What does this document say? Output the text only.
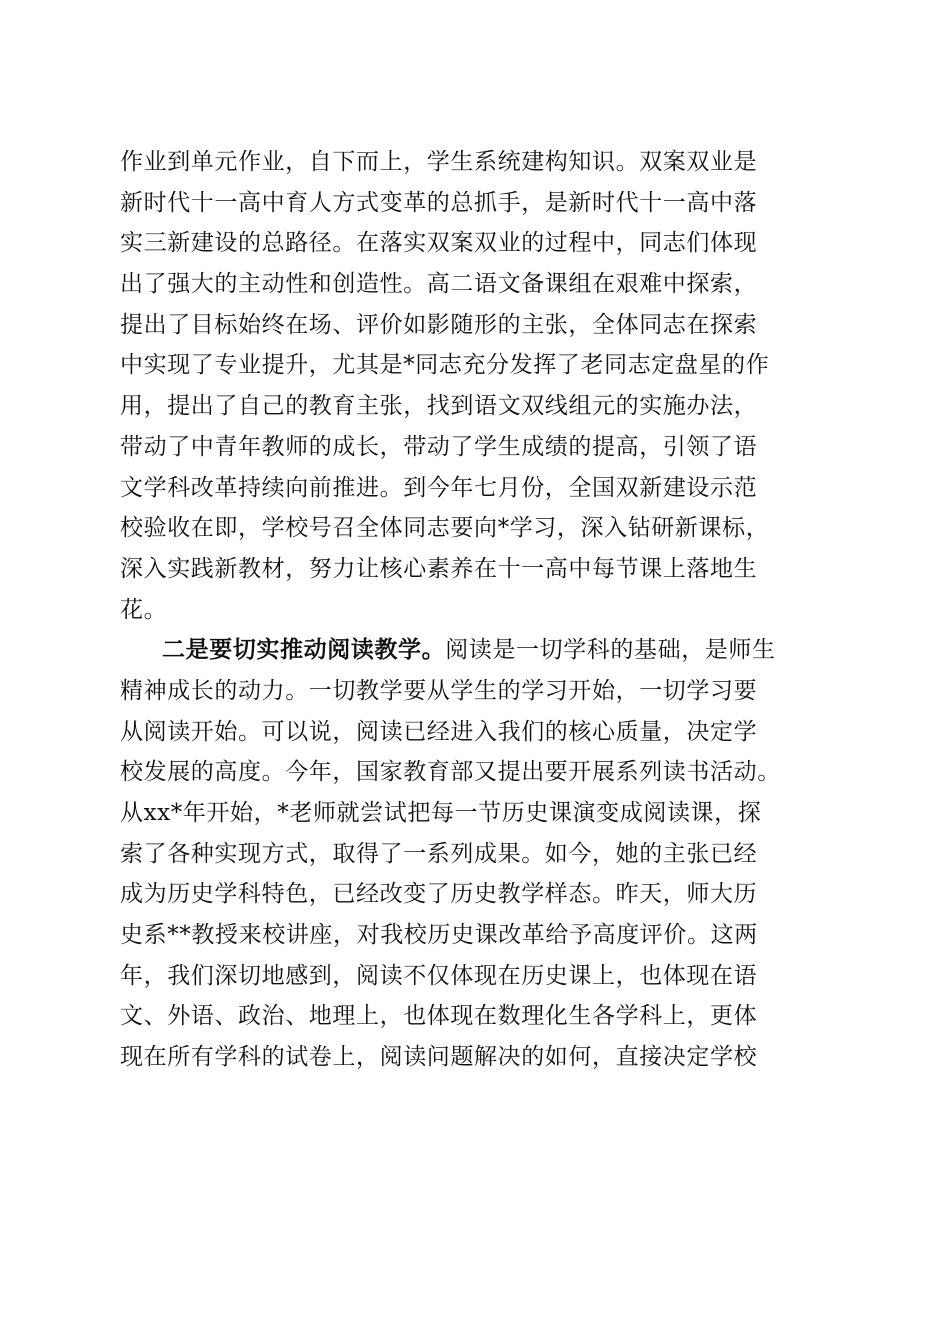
作业到单元作业，自下而上，学生系统建构知识。双案双业是
新时代十一高中育人方式变革的总抓手，是新时代十一高中落
实三新建设的总路径。在落实双案双业的过程中，同志们体现
出了强大的主动性和创造性。高二语文备课组在艰难中探索，
提出了目标始终在场、评价如影随形的主张，全体同志在探索
中实现了专业提升，尤其是*同志充分发挥了老同志定盘星的作
用，提出了自己的教育主张，找到语文双线组元的实施办法，
带动了中青年教师的成长，带动了学生成绩的提高，引领了语
文学科改革持续向前推进。到今年七月份，全国双新建设示范
校验收在即，学校号召全体同志要向*学习，深入钻研新课标，
深入实践新教材，努力让核心素养在十一高中每节课上落地生
花。
二是要切实推动阅读教学。阅读是一切学科的基础，是师生
精神成长的动力。一切教学要从学生的学习开始，一切学习要
从阅读开始。可以说，阅读已经进入我们的核心质量，决定学
校发展的高度。今年，国家教育部又提出要开展系列读书活动。
从xx*年开始，*老师就尝试把每一节历史课演变成阅读课，探
索了各种实现方式，取得了一系列成果。如今，她的主张已经
成为历史学科特色，已经改变了历史教学样态。昨天，师大历
史系**教授来校讲座，对我校历史课改革给予高度评价。这两
年，我们深切地感到，阅读不仅体现在历史课上，也体现在语
文、外语、政治、地理上，也体现在数理化生各学科上，更体
现在所有学科的试卷上，阅读问题解决的如何，直接决定学校
